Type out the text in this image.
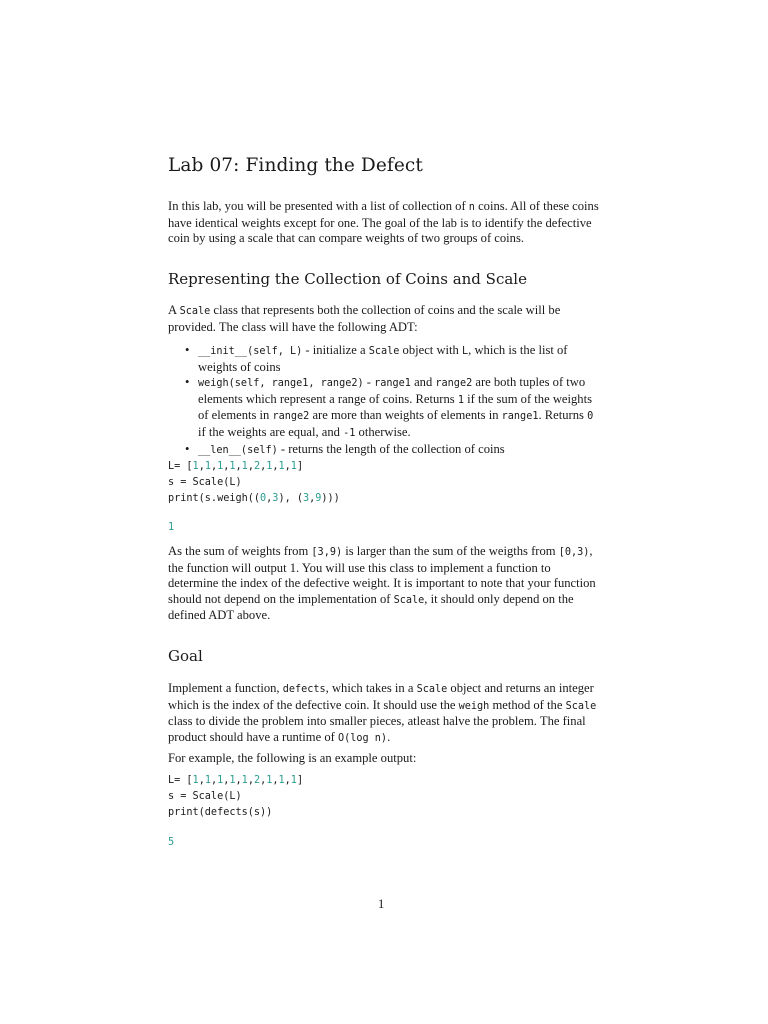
Lab 07: Finding the Defect

In this lab, you will be presented with a list of collection of n coins. All of these coins have identical weights except for one. The goal of the lab is to identify the defective coin by using a scale that can compare weights of two groups of coins.

Representing the Collection of Coins and Scale

A Scale class that represents both the collection of coins and the scale will be provided. The class will have the following ADT:

• __init__(self, L) - initialize a Scale object with L, which is the list of weights of coins
• weigh(self, range1, range2) - range1 and range2 are both tuples of two elements which represent a range of coins. Returns 1 if the sum of the weights of elements in range2 are more than weights of elements in range1. Returns 0 if the weights are equal, and -1 otherwise.
• __len__(self) - returns the length of the collection of coins
L= [1,1,1,1,1,2,1,1,1]
s = Scale(L)
print(s.weigh((0,3), (3,9)))
1

As the sum of weights from [3,9) is larger than the sum of the weigths from [0,3), the function will output 1. You will use this class to implement a function to determine the index of the defective weight. It is important to note that your function should not depend on the implementation of Scale, it should only depend on the defined ADT above.

Goal

Implement a function, defects, which takes in a Scale object and returns an integer which is the index of the defective coin. It should use the weigh method of the Scale class to divide the problem into smaller pieces, atleast halve the problem. The final product should have a runtime of O(log n).

For example, the following is an example output:

L= [1,1,1,1,1,2,1,1,1]
s = Scale(L)
print(defects(s))
5
1
